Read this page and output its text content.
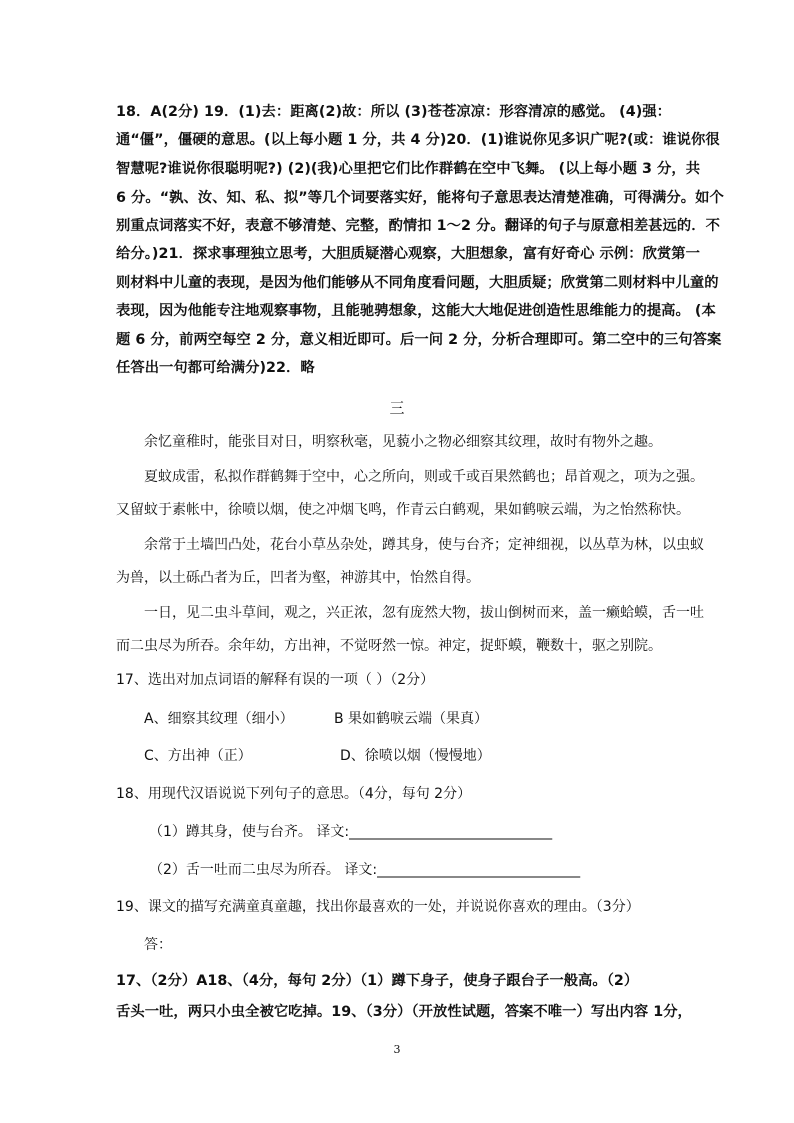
18．A(2分) 19．(1)去：距离(2)故：所以 (3)苍苍凉凉：形容清凉的感觉。 (4)强：
通“僵”，僵硬的意思。(以上每小题 1 分，共 4 分)20．(1)谁说你见多识广呢?(或：谁说你很
智慧呢?谁说你很聪明呢?) (2)(我)心里把它们比作群鹤在空中飞舞。 (以上每小题 3 分，共
6 分。“孰、汝、知、私、拟”等几个词要落实好，能将句子意思表达清楚准确，可得满分。如个
别重点词落实不好，表意不够清楚、完整，酌情扣 1～2 分。翻译的句子与原意相差甚远的．不
给分。)21．探求事理独立思考，大胆质疑潜心观察，大胆想象，富有好奇心 示例：欣赏第一
则材料中儿童的表现，是因为他们能够从不同角度看问题，大胆质疑；欣赏第二则材料中儿童的
表现，因为他能专注地观察事物，且能驰骋想象，这能大大地促进创造性思维能力的提高。 (本
题 6 分，前两空每空 2 分，意义相近即可。后一问 2 分，分析合理即可。第二空中的三句答案
任答出一句都可给满分)22．略
三
余忆童稚时，能张目对日，明察秋毫，见藐小之物必细察其纹理，故时有物外之趣。
夏蚊成雷，私拟作群鹤舞于空中，心之所向，则或千或百果然鹤也；昂首观之，项为之强。
又留蚊于素帐中，徐喷以烟，使之冲烟飞鸣，作青云白鹤观，果如鹤唳云端，为之怡然称快。
余常于土墙凹凸处，花台小草丛杂处，蹲其身，使与台齐；定神细视，以丛草为林，以虫蚁
为兽，以土砾凸者为丘，凹者为壑，神游其中，怡然自得。
一日，见二虫斗草间，观之，兴正浓，忽有庞然大物，拔山倒树而来，盖一癞蛤蟆，舌一吐
而二虫尽为所吞。余年幼，方出神，不觉呀然一惊。神定，捉虾蟆，鞭数十，驱之别院。
17、选出对加点词语的解释有误的一项（ ）（2分）
A、细察其纹理（细小）	B 果如鹤唳云端（果真）
C、方出神（正）	D、徐喷以烟（慢慢地）
18、用现代汉语说说下列句子的意思。（4分，每句 2分）
（1）蹲其身，使与台齐。 译文:_____________________________
（2）舌一吐而二虫尽为所吞。 译文:_____________________________
19、课文的描写充满童真童趣，找出你最喜欢的一处，并说说你喜欢的理由。（3分）
答：
17、（2分）A18、（4分，每句 2分）（1）蹲下身子，使身子跟台子一般高。（2）
舌头一吐，两只小虫全被它吃掉。19、（3分）（开放性试题，答案不唯一）写出内容 1分，
3
